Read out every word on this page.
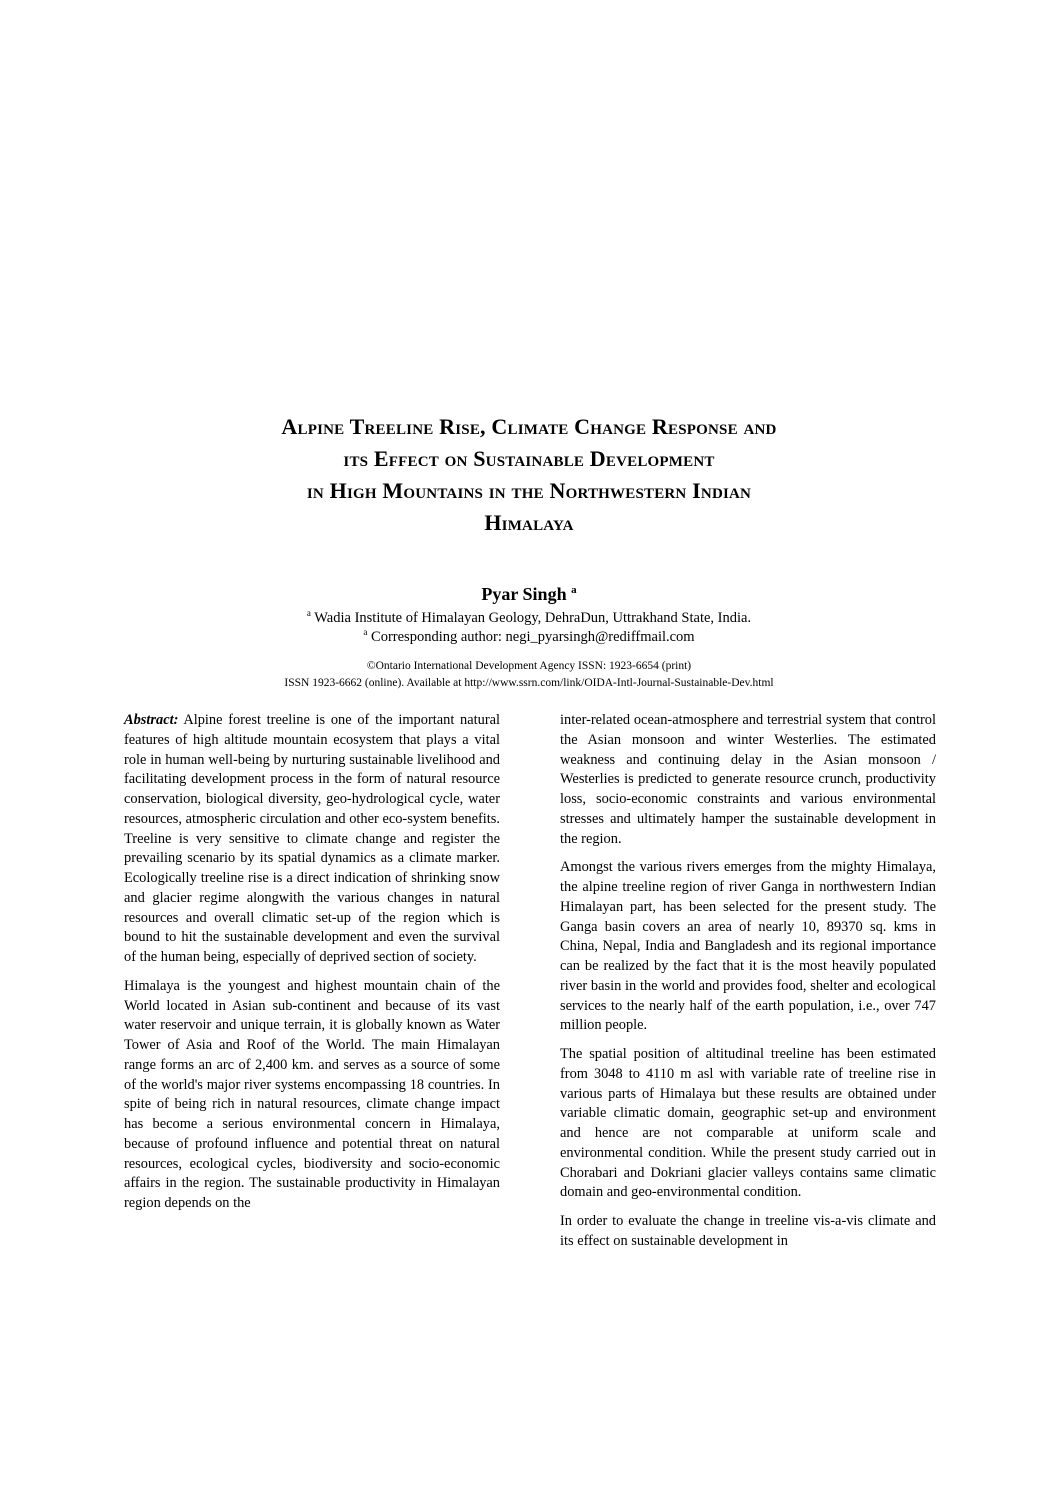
Alpine Treeline Rise, Climate Change Response and
its Effect on Sustainable Development
in High Mountains in the Northwestern Indian
Himalaya
Pyar Singh $^a$
$^a$ Wadia Institute of Himalayan Geology, DehraDun, Uttrakhand State, India.
$^a$ Corresponding author: negi_pyarsingh@rediffmail.com
©Ontario International Development Agency ISSN: 1923-6654 (print)
ISSN 1923-6662 (online). Available at http://www.ssrn.com/link/OIDA-Intl-Journal-Sustainable-Dev.html

Abstract: Alpine forest treeline is one of the important natural features of high altitude mountain ecosystem that plays a vital role in human well-being by nurturing sustainable livelihood and facilitating development process in the form of natural resource conservation, biological diversity, geo-hydrological cycle, water resources, atmospheric circulation and other eco-system benefits. Treeline is very sensitive to climate change and register the prevailing scenario by its spatial dynamics as a climate marker. Ecologically treeline rise is a direct indication of shrinking snow and glacier regime alongwith the various changes in natural resources and overall climatic set-up of the region which is bound to hit the sustainable development and even the survival of the human being, especially of deprived section of society.

Himalaya is the youngest and highest mountain chain of the World located in Asian sub-continent and because of its vast water reservoir and unique terrain, it is globally known as Water Tower of Asia and Roof of the World. The main Himalayan range forms an arc of 2,400 km. and serves as a source of some of the world's major river systems encompassing 18 countries. In spite of being rich in natural resources, climate change impact has become a serious environmental concern in Himalaya, because of profound influence and potential threat on natural resources, ecological cycles, biodiversity and socio-economic affairs in the region. The sustainable productivity in Himalayan region depends on the

inter-related ocean-atmosphere and terrestrial system that control the Asian monsoon and winter Westerlies. The estimated weakness and continuing delay in the Asian monsoon / Westerlies is predicted to generate resource crunch, productivity loss, socio-economic constraints and various environmental stresses and ultimately hamper the sustainable development in the region.

Amongst the various rivers emerges from the mighty Himalaya, the alpine treeline region of river Ganga in northwestern Indian Himalayan part, has been selected for the present study. The Ganga basin covers an area of nearly 10, 89370 sq. kms in China, Nepal, India and Bangladesh and its regional importance can be realized by the fact that it is the most heavily populated river basin in the world and provides food, shelter and ecological services to the nearly half of the earth population, i.e., over 747 million people.

The spatial position of altitudinal treeline has been estimated from 3048 to 4110 m asl with variable rate of treeline rise in various parts of Himalaya but these results are obtained under variable climatic domain, geographic set-up and environment and hence are not comparable at uniform scale and environmental condition. While the present study carried out in Chorabari and Dokriani glacier valleys contains same climatic domain and geo-environmental condition.

In order to evaluate the change in treeline vis-a-vis climate and its effect on sustainable development in
